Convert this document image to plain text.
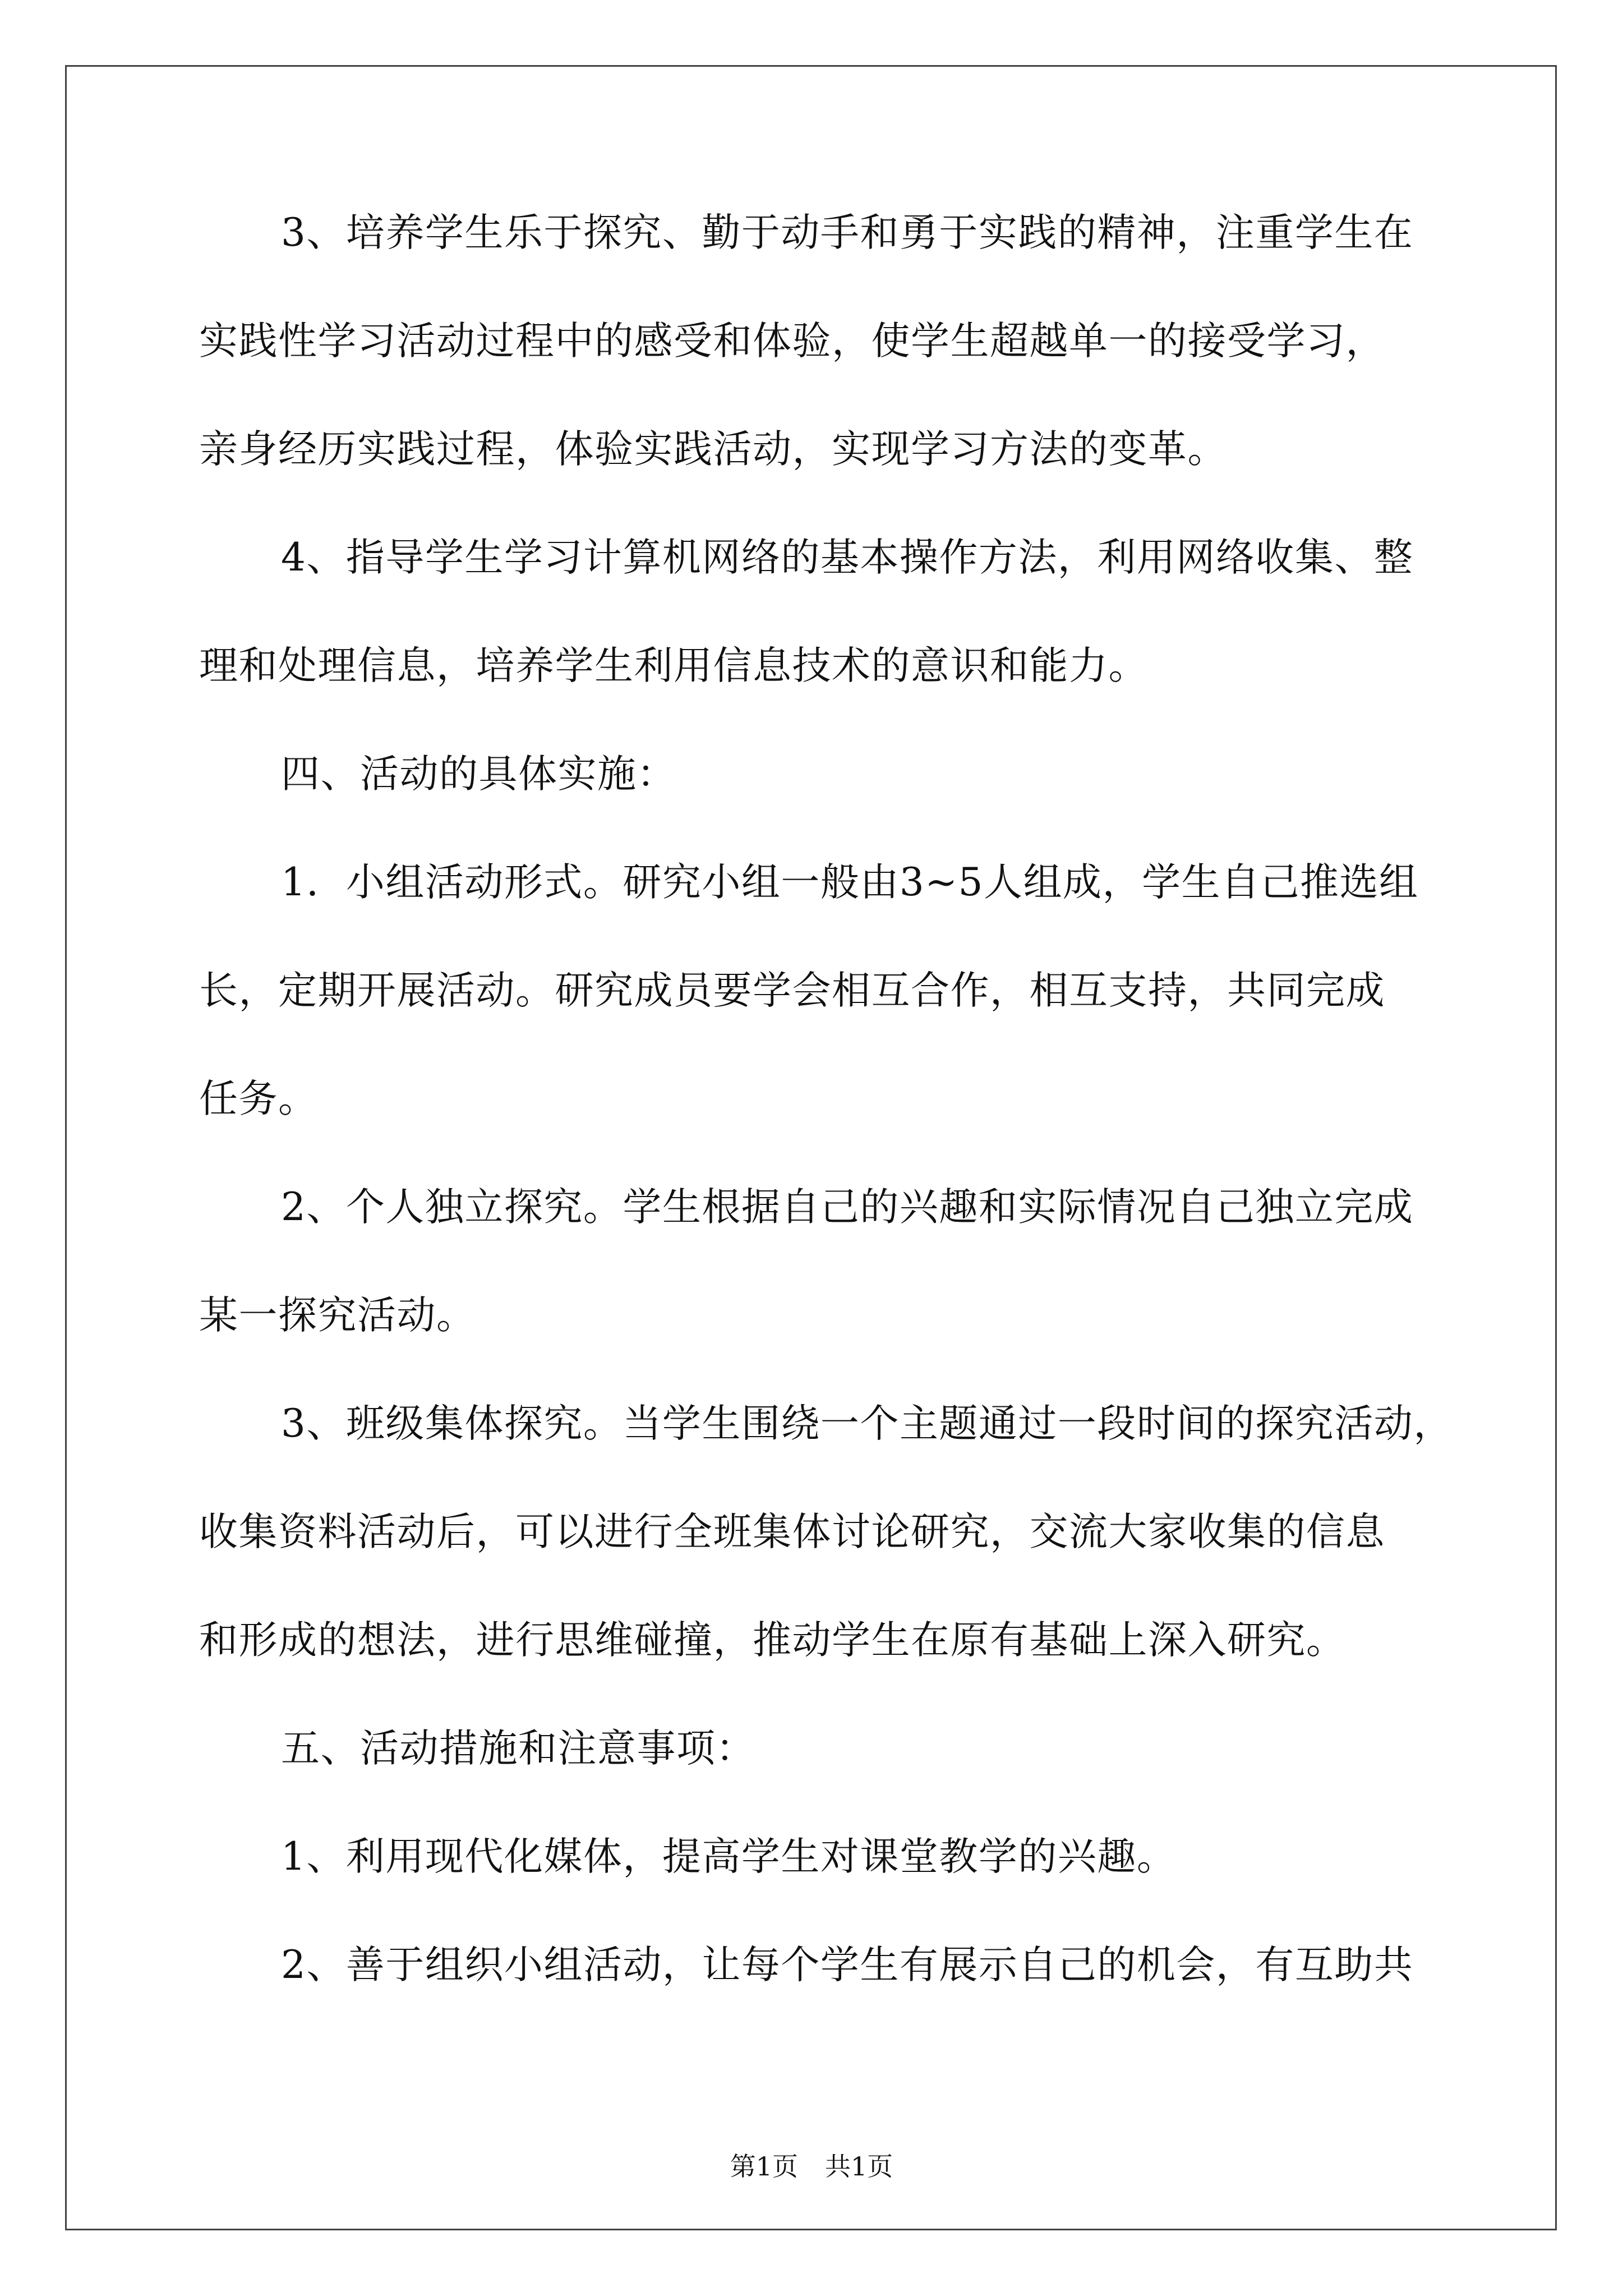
3、培养学生乐于探究、勤于动手和勇于实践的精神，注重学生在
实践性学习活动过程中的感受和体验，使学生超越单一的接受学习，
亲身经历实践过程，体验实践活动，实现学习方法的变革。
4、指导学生学习计算机网络的基本操作方法，利用网络收集、整
理和处理信息，培养学生利用信息技术的意识和能力。
四、活动的具体实施：
1．小组活动形式。研究小组一般由3~5人组成，学生自己推选组
长，定期开展活动。研究成员要学会相互合作，相互支持，共同完成
任务。
2、个人独立探究。学生根据自己的兴趣和实际情况自己独立完成
某一探究活动。
3、班级集体探究。当学生围绕一个主题通过一段时间的探究活动，
收集资料活动后，可以进行全班集体讨论研究，交流大家收集的信息
和形成的想法，进行思维碰撞，推动学生在原有基础上深入研究。
五、活动措施和注意事项：
1、利用现代化媒体，提高学生对课堂教学的兴趣。
2、善于组织小组活动，让每个学生有展示自己的机会，有互助共
第1页 共1页
